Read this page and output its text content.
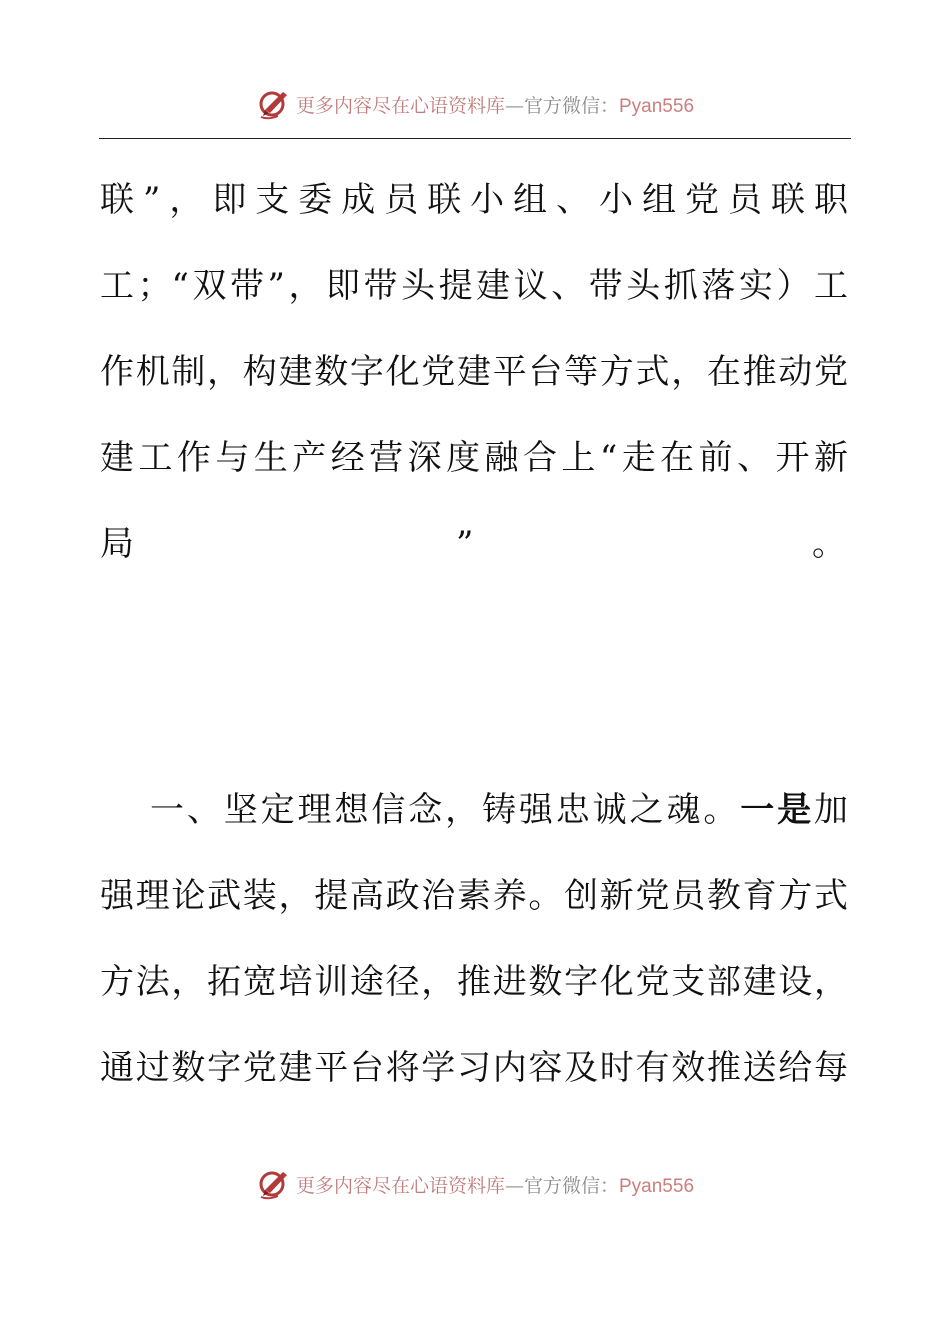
更多内容尽在心语资料库—官方微信：Pyan556
联”，即支委成员联小组、小组党员联职
工；“双带”，即带头提建议、带头抓落实）工
作机制，构建数字化党建平台等方式，在推动党
建工作与生产经营深度融合上“走在前、开新
局	”	。
一、坚定理想信念，铸强忠诚之魂。一是加
强理论武装，提高政治素养。创新党员教育方式
方法，拓宽培训途径，推进数字化党支部建设，
通过数字党建平台将学习内容及时有效推送给每
更多内容尽在心语资料库—官方微信：Pyan556
